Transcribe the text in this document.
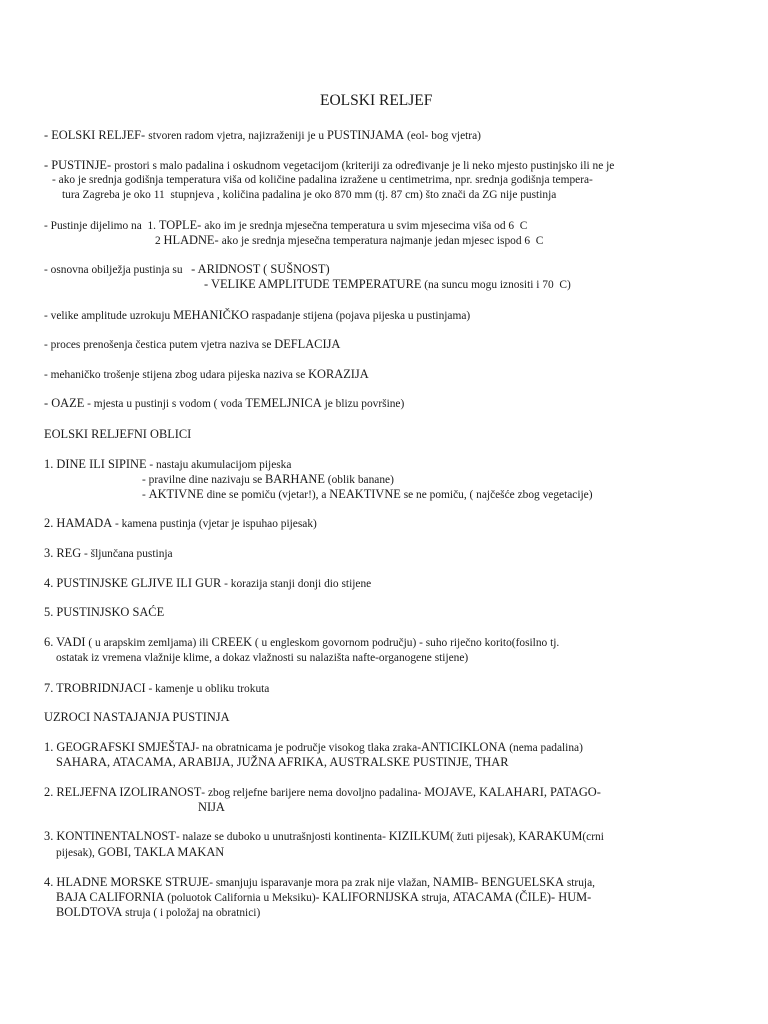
EOLSKI RELJEF
- EOLSKI RELJEF- stvoren radom vjetra, najizraženiji je u PUSTINJAMA (eol- bog vjetra)
- PUSTINJE- prostori s malo padalina i oskudnom vegetacijom (kriteriji za određivanje je li neko mjesto pustinjsko ili ne je
- ako je srednja godišnja temperatura viša od količine padalina izražene u centimetrima, npr. srednja godišnja tempera-
tura Zagreba je oko 11  stupnjeva , količina padalina je oko 870 mm (tj. 87 cm) što znači da ZG nije pustinja
- Pustinje dijelimo na  1. TOPLE- ako im je srednja mjesečna temperatura u svim mjesecima viša od 6  C
2 HLADNE- ako je srednja mjesečna temperatura najmanje jedan mjesec ispod 6  C
- osnovna obilježja pustinja su   - ARIDNOST ( SUŠNOST)
- VELIKE AMPLITUDE TEMPERATURE (na suncu mogu iznositi i 70  C)
- velike amplitude uzrokuju MEHANIČKO raspadanje stijena (pojava pijeska u pustinjama)
- proces prenošenja čestica putem vjetra naziva se DEFLACIJA
- mehaničko trošenje stijena zbog udara pijeska naziva se KORAZIJA
- OAZE - mjesta u pustinji s vodom ( voda TEMELJNICA je blizu površine)
EOLSKI RELJEFNI OBLICI
1. DINE ILI SIPINE - nastaju akumulacijom pijeska
- pravilne dine nazivaju se BARHANE (oblik banane)
- AKTIVNE dine se pomiču (vjetar!), a NEAKTIVNE se ne pomiču, ( najčešće zbog vegetacije)
2. HAMADA - kamena pustinja (vjetar je ispuhao pijesak)
3. REG - šljunčana pustinja
4. PUSTINJSKE GLJIVE ILI GUR - korazija stanji donji dio stijene
5. PUSTINJSKO SAĆE
6. VADI ( u arapskim zemljama) ili CREEK ( u engleskom govornom području) - suho riječno korito(fosilno tj.
ostatak iz vremena vlažnije klime, a dokaz vlažnosti su nalazišta nafte-organogene stijene)
7. TROBRIDNJACI - kamenje u obliku trokuta
UZROCI NASTAJANJA PUSTINJA
1. GEOGRAFSKI SMJEŠTAJ- na obratnicama je područje visokog tlaka zraka-ANTICIKLONA (nema padalina)
SAHARA, ATACAMA, ARABIJA, JUŽNA AFRIKA, AUSTRALSKE PUSTINJE, THAR
2. RELJEFNA IZOLIRANOST- zbog reljefne barijere nema dovoljno padalina- MOJAVE, KALAHARI, PATAGO-
NIJA
3. KONTINENTALNOST- nalaze se duboko u unutrašnjosti kontinenta- KIZILKUM( žuti pijesak), KARAKUM(crni
pijesak), GOBI, TAKLA MAKAN
4. HLADNE MORSKE STRUJE- smanjuju isparavanje mora pa zrak nije vlažan, NAMIB- BENGUELSKA struja,
BAJA CALIFORNIA (poluotok California u Meksiku)- KALIFORNIJSKA struja, ATACAMA (ČILE)- HUM-
BOLDTOVA struja ( i položaj na obratnici)
